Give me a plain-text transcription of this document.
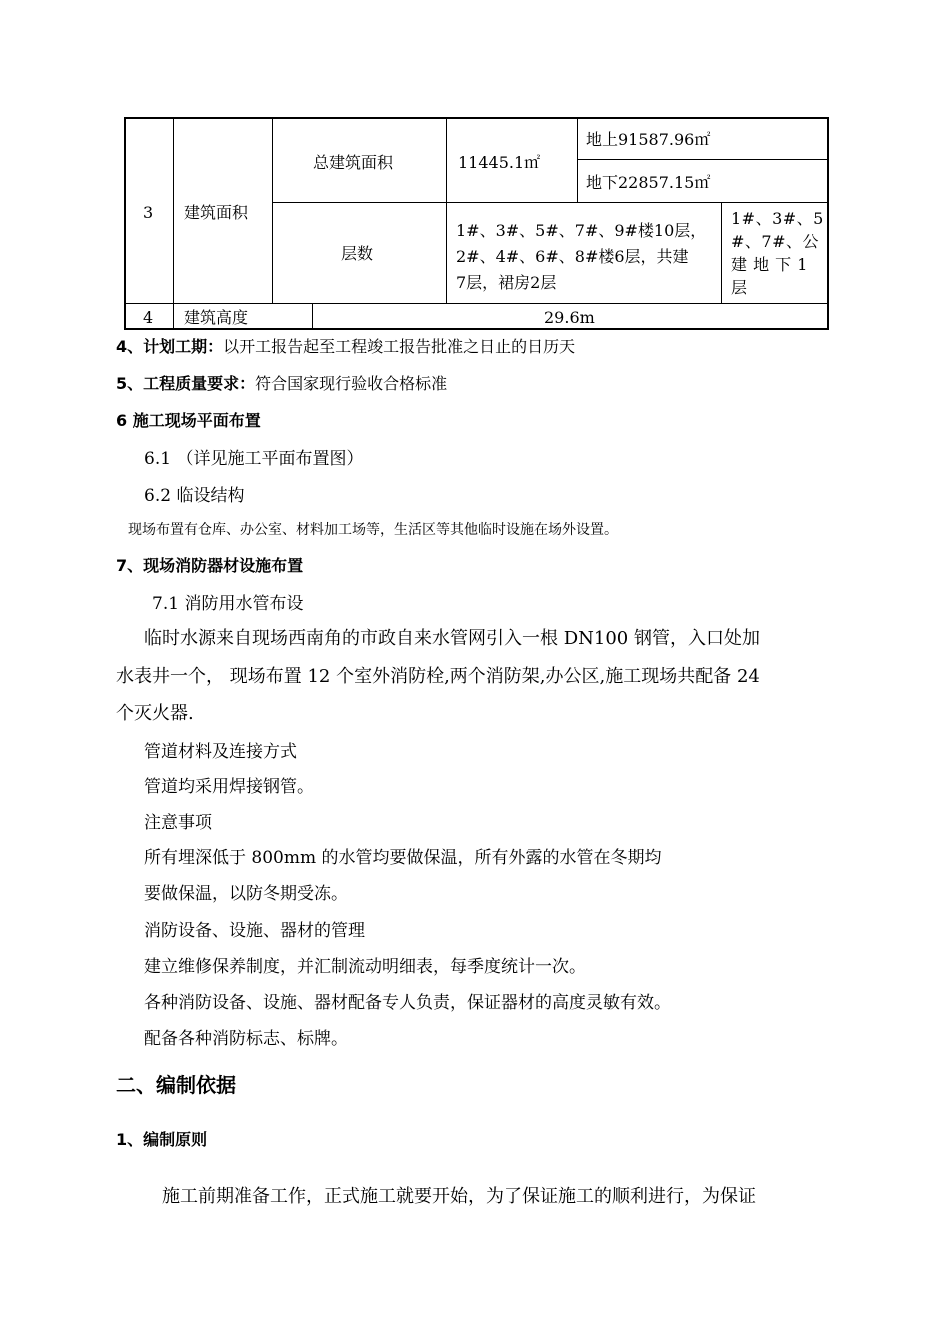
3 建筑面积
总建筑面积	11445.1㎡
地上91587.96㎡
地下22857.15㎡
层数
1#、3#、5#、7#、9#楼10层，
2#、4#、6#、8#楼6层，共建
7层，裙房2层
1#、3#、5
#、7#、公
建 地 下 1
层
4 建筑高度	29.6m
4、计划工期：以开工报告起至工程竣工报告批准之日止的日历天
5、工程质量要求：符合国家现行验收合格标准
6 施工现场平面布置
6.1 （详见施工平面布置图）
6.2 临设结构
现场布置有仓库、办公室、材料加工场等，生活区等其他临时设施在场外设置。
7、现场消防器材设施布置
7.1 消防用水管布设
临时水源来自现场西南角的市政自来水管网引入一根 DN100 钢管，入口处加
水表井一个， 现场布置 12 个室外消防栓,两个消防架,办公区,施工现场共配备 24
个灭火器.
管道材料及连接方式
管道均采用焊接钢管。
注意事项
所有埋深低于 800mm 的水管均要做保温，所有外露的水管在冬期均
要做保温，以防冬期受冻。
消防设备、设施、器材的管理
建立维修保养制度，并汇制流动明细表，每季度统计一次。
各种消防设备、设施、器材配备专人负责，保证器材的高度灵敏有效。
配备各种消防标志、标牌。
二、编制依据
1、编制原则
施工前期准备工作，正式施工就要开始，为了保证施工的顺利进行，为保证
